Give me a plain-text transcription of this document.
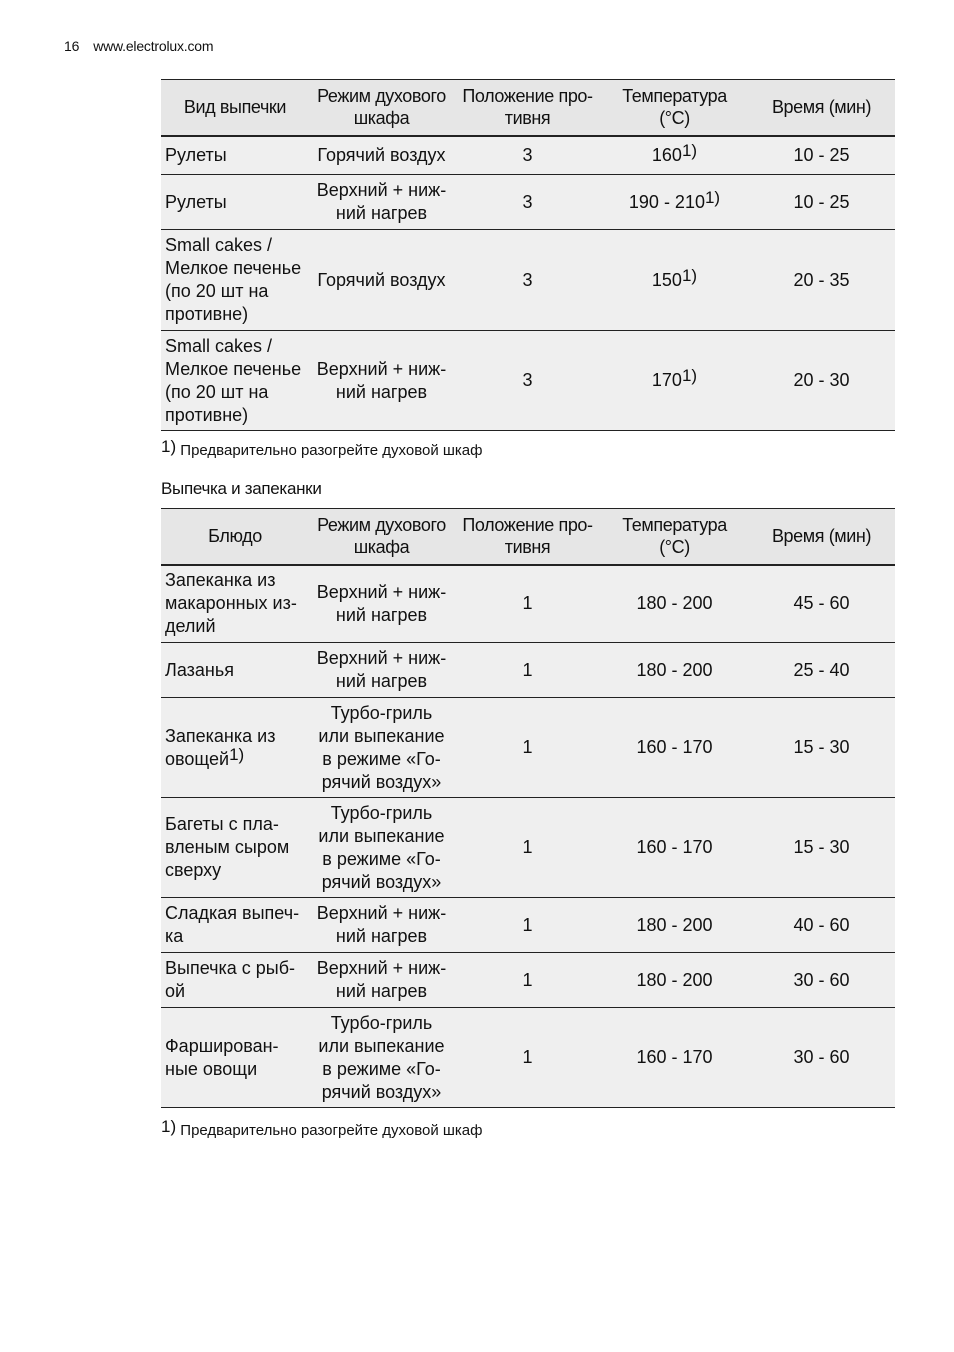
16 www.electrolux.com
Вид выпечки	Режим духового шкафа	Положение про- тивня	Температура (°C)	Время (мин)
Рулеты	Горячий воздух	3	160$^{1)}$	10 - 25
Рулеты	Верхний + ниж- ний нагрев	3	190 - 210$^{1)}$	10 - 25
Small cakes / Мелкое печенье (по 20 шт на противне)	Горячий воздух	3	150$^{1)}$	20 - 35
Small cakes / Мелкое печенье (по 20 шт на противне)	Верхний + ниж- ний нагрев	3	170$^{1)}$	20 - 30
1) Предварительно разогрейте духовой шкаф
Выпечка и запеканки
Блюдо	Режим духового шкафа	Положение про- тивня	Температура (°C)	Время (мин)
Запеканка из макаронных из- делий	Верхний + ниж- ний нагрев	1	180 - 200	45 - 60
Лазанья	Верхний + ниж- ний нагрев	1	180 - 200	25 - 40
Запеканка из овощей$^{1)}$	Турбо-гриль или выпекание в режиме «Го- рячий воздух»	1	160 - 170	15 - 30
Багеты с пла- вленым сыром сверху	Турбо-гриль или выпекание в режиме «Го- рячий воздух»	1	160 - 170	15 - 30
Сладкая выпеч- ка	Верхний + ниж- ний нагрев	1	180 - 200	40 - 60
Выпечка с рыб- ой	Верхний + ниж- ний нагрев	1	180 - 200	30 - 60
Фарширован- ные овощи	Турбо-гриль или выпекание в режиме «Го- рячий воздух»	1	160 - 170	30 - 60
1) Предварительно разогрейте духовой шкаф
